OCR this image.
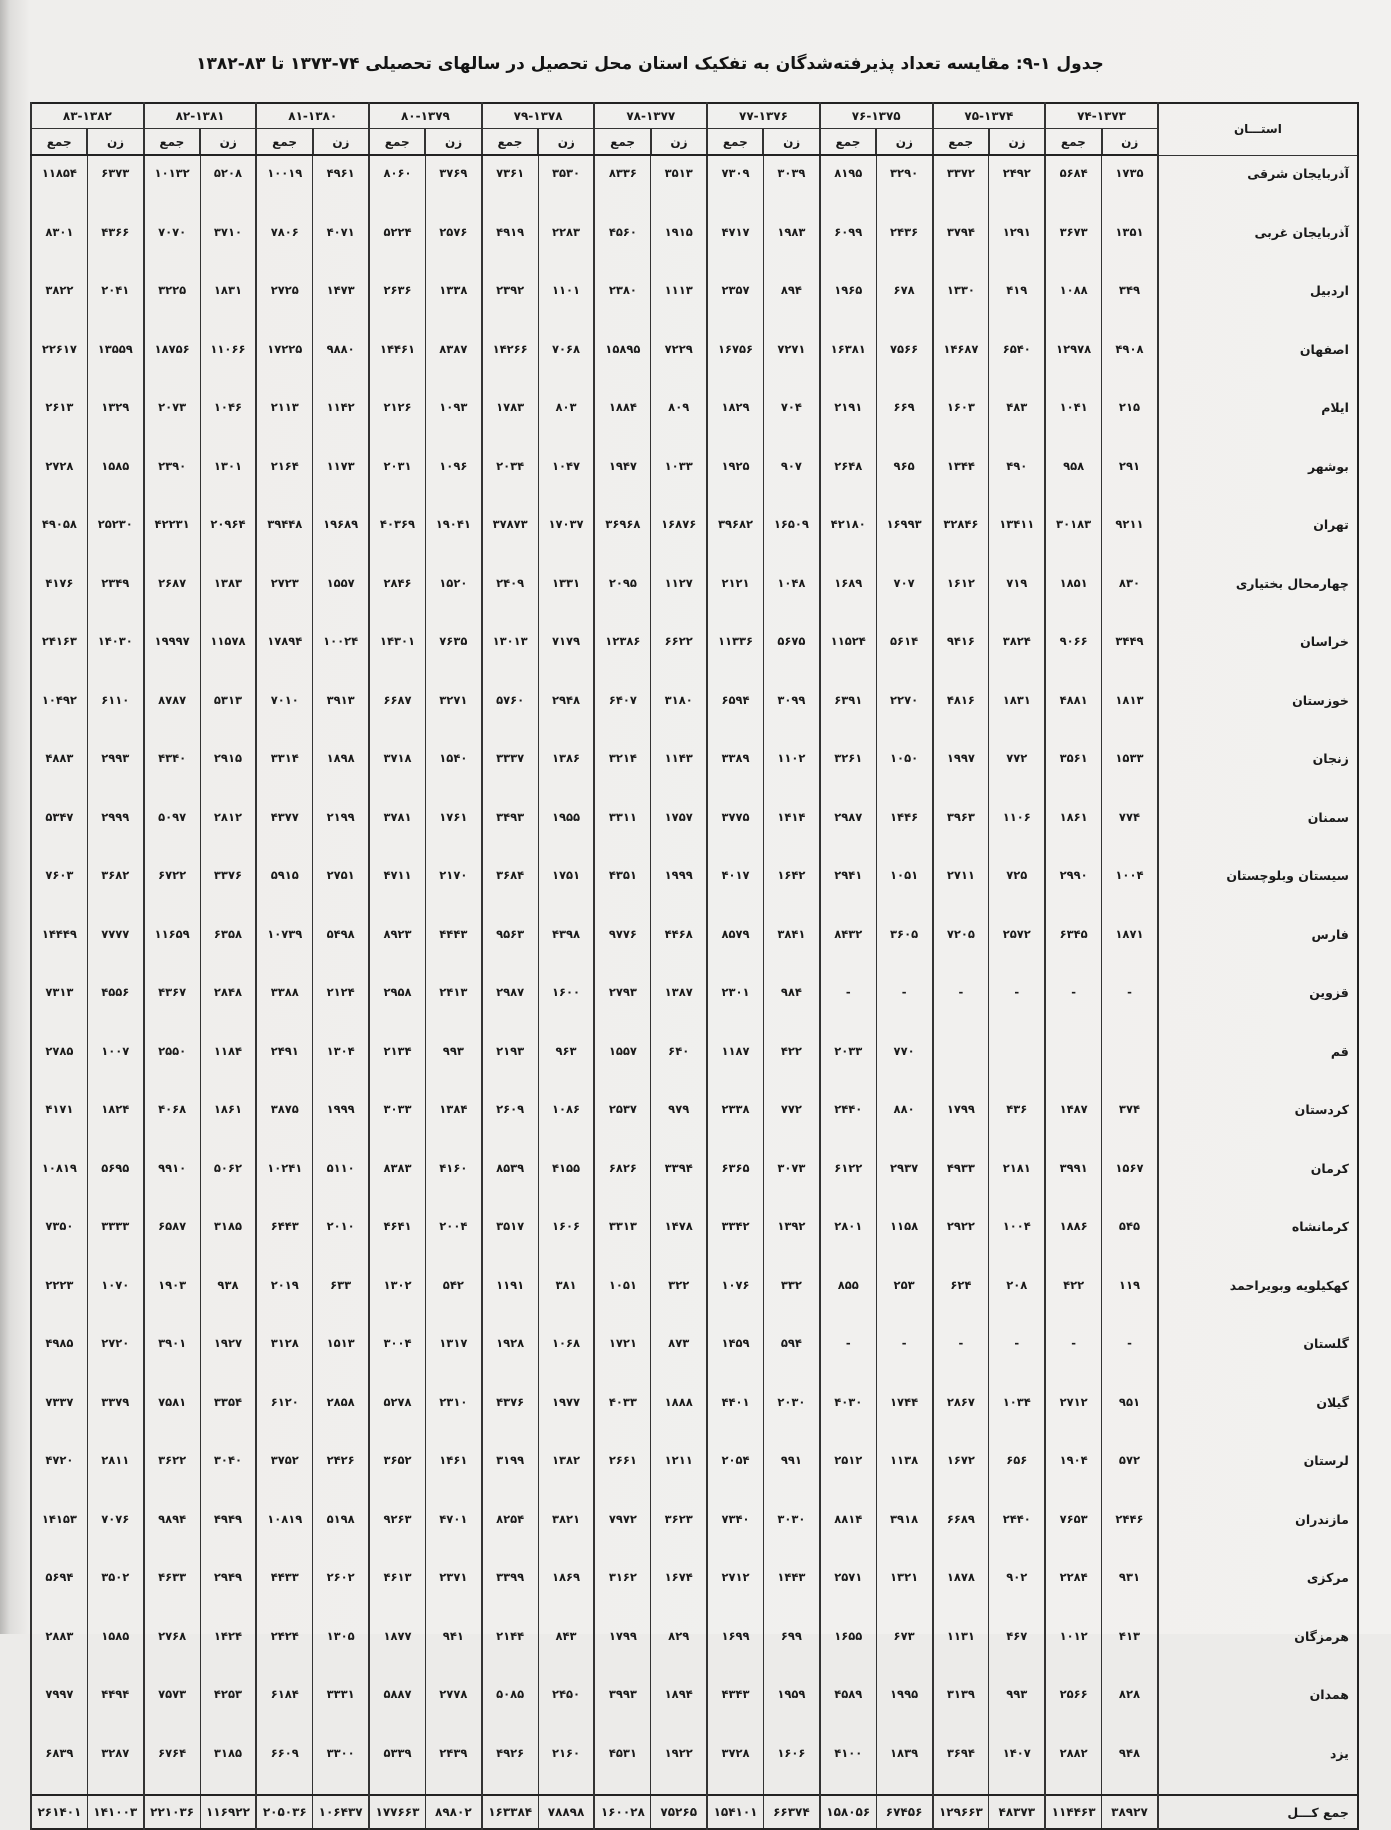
جدول ۱-۹: مقایسه تعداد پذیرفته‌شدگان به تفکیک استان محل تحصیل در سالهای تحصیلی ۷۴-۱۳۷۳ تا ۸۳-۱۳۸۲
استـــان	۷۴-۱۳۷۳		۷۵-۱۳۷۴		۷۶-۱۳۷۵		۷۷-۱۳۷۶		۷۸-۱۳۷۷		۷۹-۱۳۷۸		۸۰-۱۳۷۹		۸۱-۱۳۸۰		۸۲-۱۳۸۱		۸۳-۱۳۸۲	
	زن	جمع	زن	جمع	زن	جمع	زن	جمع	زن	جمع	زن	جمع	زن	جمع	زن	جمع	زن	جمع	زن	جمع
آذربایجان شرقی	۱۷۳۵	۵۶۸۴	۲۴۹۲	۳۳۷۲	۳۲۹۰	۸۱۹۵	۳۰۳۹	۷۳۰۹	۳۵۱۳	۸۳۳۶	۳۵۳۰	۷۳۶۱	۳۷۶۹	۸۰۶۰	۴۹۶۱	۱۰۰۱۹	۵۲۰۸	۱۰۱۳۲	۶۳۷۳	۱۱۸۵۴
آذربایجان غربی	۱۳۵۱	۳۶۷۳	۱۲۹۱	۳۷۹۴	۲۴۳۶	۶۰۹۹	۱۹۸۳	۴۷۱۷	۱۹۱۵	۴۵۶۰	۲۲۸۳	۴۹۱۹	۲۵۷۶	۵۲۲۴	۴۰۷۱	۷۸۰۶	۳۷۱۰	۷۰۷۰	۴۳۶۶	۸۳۰۱
اردبیل	۳۴۹	۱۰۸۸	۴۱۹	۱۳۳۰	۶۷۸	۱۹۶۵	۸۹۴	۲۳۵۷	۱۱۱۳	۲۳۸۰	۱۱۰۱	۲۳۹۲	۱۳۳۸	۲۶۳۶	۱۴۷۳	۲۷۲۵	۱۸۳۱	۳۲۲۵	۲۰۴۱	۳۸۲۲
اصفهان	۴۹۰۸	۱۲۹۷۸	۶۵۴۰	۱۴۶۸۷	۷۵۶۶	۱۶۳۸۱	۷۲۷۱	۱۶۷۵۶	۷۲۲۹	۱۵۸۹۵	۷۰۶۸	۱۴۲۶۶	۸۳۸۷	۱۴۴۶۱	۹۸۸۰	۱۷۲۲۵	۱۱۰۶۶	۱۸۷۵۶	۱۳۵۵۹	۲۲۶۱۷
ایلام	۲۱۵	۱۰۴۱	۴۸۳	۱۶۰۳	۶۶۹	۲۱۹۱	۷۰۴	۱۸۲۹	۸۰۹	۱۸۸۴	۸۰۳	۱۷۸۳	۱۰۹۳	۲۱۲۶	۱۱۴۲	۲۱۱۳	۱۰۴۶	۲۰۷۳	۱۳۲۹	۲۶۱۳
بوشهر	۲۹۱	۹۵۸	۴۹۰	۱۳۴۴	۹۶۵	۲۶۴۸	۹۰۷	۱۹۲۵	۱۰۳۳	۱۹۴۷	۱۰۴۷	۲۰۳۴	۱۰۹۶	۲۰۳۱	۱۱۷۳	۲۱۶۴	۱۳۰۱	۲۳۹۰	۱۵۸۵	۲۷۲۸
تهران	۹۲۱۱	۳۰۱۸۳	۱۳۴۱۱	۳۲۸۴۶	۱۶۹۹۳	۴۲۱۸۰	۱۶۵۰۹	۳۹۶۸۲	۱۶۸۷۶	۳۶۹۶۸	۱۷۰۳۷	۳۷۸۷۳	۱۹۰۴۱	۴۰۳۶۹	۱۹۶۸۹	۳۹۴۴۸	۲۰۹۶۴	۴۲۲۳۱	۲۵۲۳۰	۴۹۰۵۸
چهارمحال بختیاری	۸۳۰	۱۸۵۱	۷۱۹	۱۶۱۲	۷۰۷	۱۶۸۹	۱۰۴۸	۲۱۲۱	۱۱۲۷	۲۰۹۵	۱۳۳۱	۲۴۰۹	۱۵۲۰	۲۸۴۶	۱۵۵۷	۲۷۲۳	۱۳۸۳	۲۶۸۷	۲۳۴۹	۴۱۷۶
خراسان	۳۴۴۹	۹۰۶۶	۳۸۲۴	۹۴۱۶	۵۶۱۴	۱۱۵۲۴	۵۶۷۵	۱۱۳۳۶	۶۶۲۲	۱۲۳۸۶	۷۱۷۹	۱۳۰۱۳	۷۶۳۵	۱۴۳۰۱	۱۰۰۲۴	۱۷۸۹۴	۱۱۵۷۸	۱۹۹۹۷	۱۴۰۳۰	۲۴۱۶۳
خوزستان	۱۸۱۳	۴۸۸۱	۱۸۳۱	۴۸۱۶	۲۲۷۰	۶۳۹۱	۳۰۹۹	۶۵۹۴	۳۱۸۰	۶۴۰۷	۲۹۴۸	۵۷۶۰	۳۲۷۱	۶۶۸۷	۳۹۱۳	۷۰۱۰	۵۳۱۳	۸۷۸۷	۶۱۱۰	۱۰۴۹۲
زنجان	۱۵۳۳	۳۵۶۱	۷۷۲	۱۹۹۷	۱۰۵۰	۳۲۶۱	۱۱۰۲	۳۳۸۹	۱۱۴۳	۳۲۱۴	۱۳۸۶	۳۳۳۷	۱۵۴۰	۳۷۱۸	۱۸۹۸	۳۳۱۴	۲۹۱۵	۴۳۴۰	۲۹۹۳	۴۸۸۳
سمنان	۷۷۴	۱۸۶۱	۱۱۰۶	۳۹۶۳	۱۴۴۶	۲۹۸۷	۱۴۱۴	۳۷۷۵	۱۷۵۷	۳۳۱۱	۱۹۵۵	۳۴۹۳	۱۷۶۱	۳۷۸۱	۲۱۹۹	۴۳۷۷	۲۸۱۲	۵۰۹۷	۲۹۹۹	۵۳۴۷
سیستان وبلوچستان	۱۰۰۴	۲۹۹۰	۷۲۵	۲۷۱۱	۱۰۵۱	۲۹۴۱	۱۶۴۲	۴۰۱۷	۱۹۹۹	۴۳۵۱	۱۷۵۱	۳۶۸۴	۲۱۷۰	۴۷۱۱	۲۷۵۱	۵۹۱۵	۳۳۷۶	۶۷۲۲	۳۶۸۲	۷۶۰۳
فارس	۱۸۷۱	۶۳۴۵	۲۵۷۲	۷۲۰۵	۳۶۰۵	۸۴۳۲	۳۸۴۱	۸۵۷۹	۴۴۶۸	۹۷۷۶	۴۳۹۸	۹۵۶۳	۴۴۴۳	۸۹۲۳	۵۴۹۸	۱۰۷۳۹	۶۳۵۸	۱۱۶۵۹	۷۷۷۷	۱۴۴۴۹
قزوین	-	-	-	-	-	-	۹۸۴	۲۳۰۱	۱۳۸۷	۲۷۹۳	۱۶۰۰	۲۹۸۷	۲۴۱۳	۲۹۵۸	۲۱۲۴	۳۳۸۸	۲۸۴۸	۴۳۶۷	۴۵۵۶	۷۳۱۳
قم					۷۷۰	۲۰۳۳	۴۲۲	۱۱۸۷	۶۴۰	۱۵۵۷	۹۶۳	۲۱۹۳	۹۹۳	۲۱۳۴	۱۳۰۴	۲۴۹۱	۱۱۸۴	۲۵۵۰	۱۰۰۷	۲۷۸۵
کردستان	۳۷۴	۱۴۸۷	۴۳۶	۱۷۹۹	۸۸۰	۲۴۴۰	۷۷۲	۲۳۳۸	۹۷۹	۲۵۳۷	۱۰۸۶	۲۶۰۹	۱۳۸۴	۳۰۳۳	۱۹۹۹	۳۸۷۵	۱۸۶۱	۴۰۶۸	۱۸۲۴	۴۱۷۱
کرمان	۱۵۶۷	۳۹۹۱	۲۱۸۱	۴۹۳۳	۲۹۳۷	۶۱۲۲	۳۰۷۳	۶۳۶۵	۳۳۹۴	۶۸۲۶	۴۱۵۵	۸۵۳۹	۴۱۶۰	۸۳۸۳	۵۱۱۰	۱۰۲۴۱	۵۰۶۲	۹۹۱۰	۵۶۹۵	۱۰۸۱۹
کرمانشاه	۵۴۵	۱۸۸۶	۱۰۰۴	۲۹۲۲	۱۱۵۸	۲۸۰۱	۱۳۹۲	۳۳۴۲	۱۴۷۸	۳۳۱۳	۱۶۰۶	۳۵۱۷	۲۰۰۴	۴۶۴۱	۲۰۱۰	۶۴۴۳	۳۱۸۵	۶۵۸۷	۳۳۳۳	۷۳۵۰
کهکیلویه وبویراحمد	۱۱۹	۴۲۲	۲۰۸	۶۲۴	۲۵۳	۸۵۵	۳۳۲	۱۰۷۶	۳۲۲	۱۰۵۱	۳۸۱	۱۱۹۱	۵۴۲	۱۳۰۲	۶۳۳	۲۰۱۹	۹۳۸	۱۹۰۳	۱۰۷۰	۲۲۲۳
گلستان	-	-	-	-	-	-	۵۹۴	۱۴۵۹	۸۷۳	۱۷۲۱	۱۰۶۸	۱۹۲۸	۱۳۱۷	۳۰۰۴	۱۵۱۳	۳۱۲۸	۱۹۲۷	۳۹۰۱	۲۷۲۰	۴۹۸۵
گیلان	۹۵۱	۲۷۱۲	۱۰۳۴	۲۸۶۷	۱۷۴۴	۴۰۳۰	۲۰۳۰	۴۴۰۱	۱۸۸۸	۴۰۳۳	۱۹۷۷	۴۳۷۶	۲۳۱۰	۵۲۷۸	۲۸۵۸	۶۱۲۰	۳۳۵۴	۷۵۸۱	۳۳۷۹	۷۳۳۷
لرستان	۵۷۲	۱۹۰۴	۶۵۶	۱۶۷۲	۱۱۳۸	۲۵۱۲	۹۹۱	۲۰۵۴	۱۲۱۱	۲۶۶۱	۱۳۸۲	۳۱۹۹	۱۴۶۱	۳۶۵۲	۲۴۲۶	۳۷۵۲	۳۰۴۰	۳۶۲۲	۲۸۱۱	۴۷۲۰
مازندران	۲۴۴۶	۷۶۵۳	۲۴۴۰	۶۶۸۹	۳۹۱۸	۸۸۱۴	۳۰۳۰	۷۳۴۰	۳۶۲۳	۷۹۷۲	۳۸۲۱	۸۲۵۴	۴۷۰۱	۹۲۶۳	۵۱۹۸	۱۰۸۱۹	۴۹۴۹	۹۸۹۴	۷۰۷۶	۱۴۱۵۳
مرکزی	۹۳۱	۲۲۸۴	۹۰۲	۱۸۷۸	۱۳۲۱	۲۵۷۱	۱۴۴۳	۲۷۱۲	۱۶۷۴	۳۱۶۲	۱۸۶۹	۳۳۹۹	۲۳۷۱	۴۶۱۳	۲۶۰۲	۴۴۳۳	۲۹۴۹	۴۶۳۳	۳۵۰۲	۵۶۹۴
هرمزگان	۴۱۳	۱۰۱۲	۴۶۷	۱۱۳۱	۶۷۳	۱۶۵۵	۶۹۹	۱۶۹۹	۸۲۹	۱۷۹۹	۸۴۳	۲۱۴۴	۹۴۱	۱۸۷۷	۱۳۰۵	۲۴۲۴	۱۴۲۴	۲۷۶۸	۱۵۸۵	۲۸۸۳
همدان	۸۲۸	۲۵۶۶	۹۹۳	۳۱۳۹	۱۹۹۵	۴۵۸۹	۱۹۵۹	۴۳۴۳	۱۸۹۴	۳۹۹۳	۲۴۵۰	۵۰۸۵	۲۷۷۸	۵۸۸۷	۳۳۳۱	۶۱۸۴	۴۲۵۳	۷۵۷۳	۴۴۹۴	۷۹۹۷
یزد	۹۴۸	۲۸۸۲	۱۴۰۷	۳۶۹۴	۱۸۳۹	۴۱۰۰	۱۶۰۶	۳۷۲۸	۱۹۲۲	۴۵۳۱	۲۱۶۰	۴۹۲۶	۲۴۳۹	۵۳۳۹	۳۳۰۰	۶۶۰۹	۳۱۸۵	۶۷۶۴	۳۲۸۷	۶۸۳۹
جمع کـــل	۳۸۹۲۷	۱۱۴۴۶۳	۴۸۳۷۳	۱۲۹۶۶۳	۶۷۴۵۶	۱۵۸۰۵۶	۶۶۳۷۴	۱۵۴۱۰۱	۷۵۲۶۵	۱۶۰۰۲۸	۷۸۸۹۸	۱۶۳۳۸۴	۸۹۸۰۲	۱۷۷۶۶۳	۱۰۶۴۳۷	۲۰۵۰۳۶	۱۱۶۹۲۲	۲۲۱۰۳۶	۱۴۱۰۰۳	۲۶۱۴۰۱
